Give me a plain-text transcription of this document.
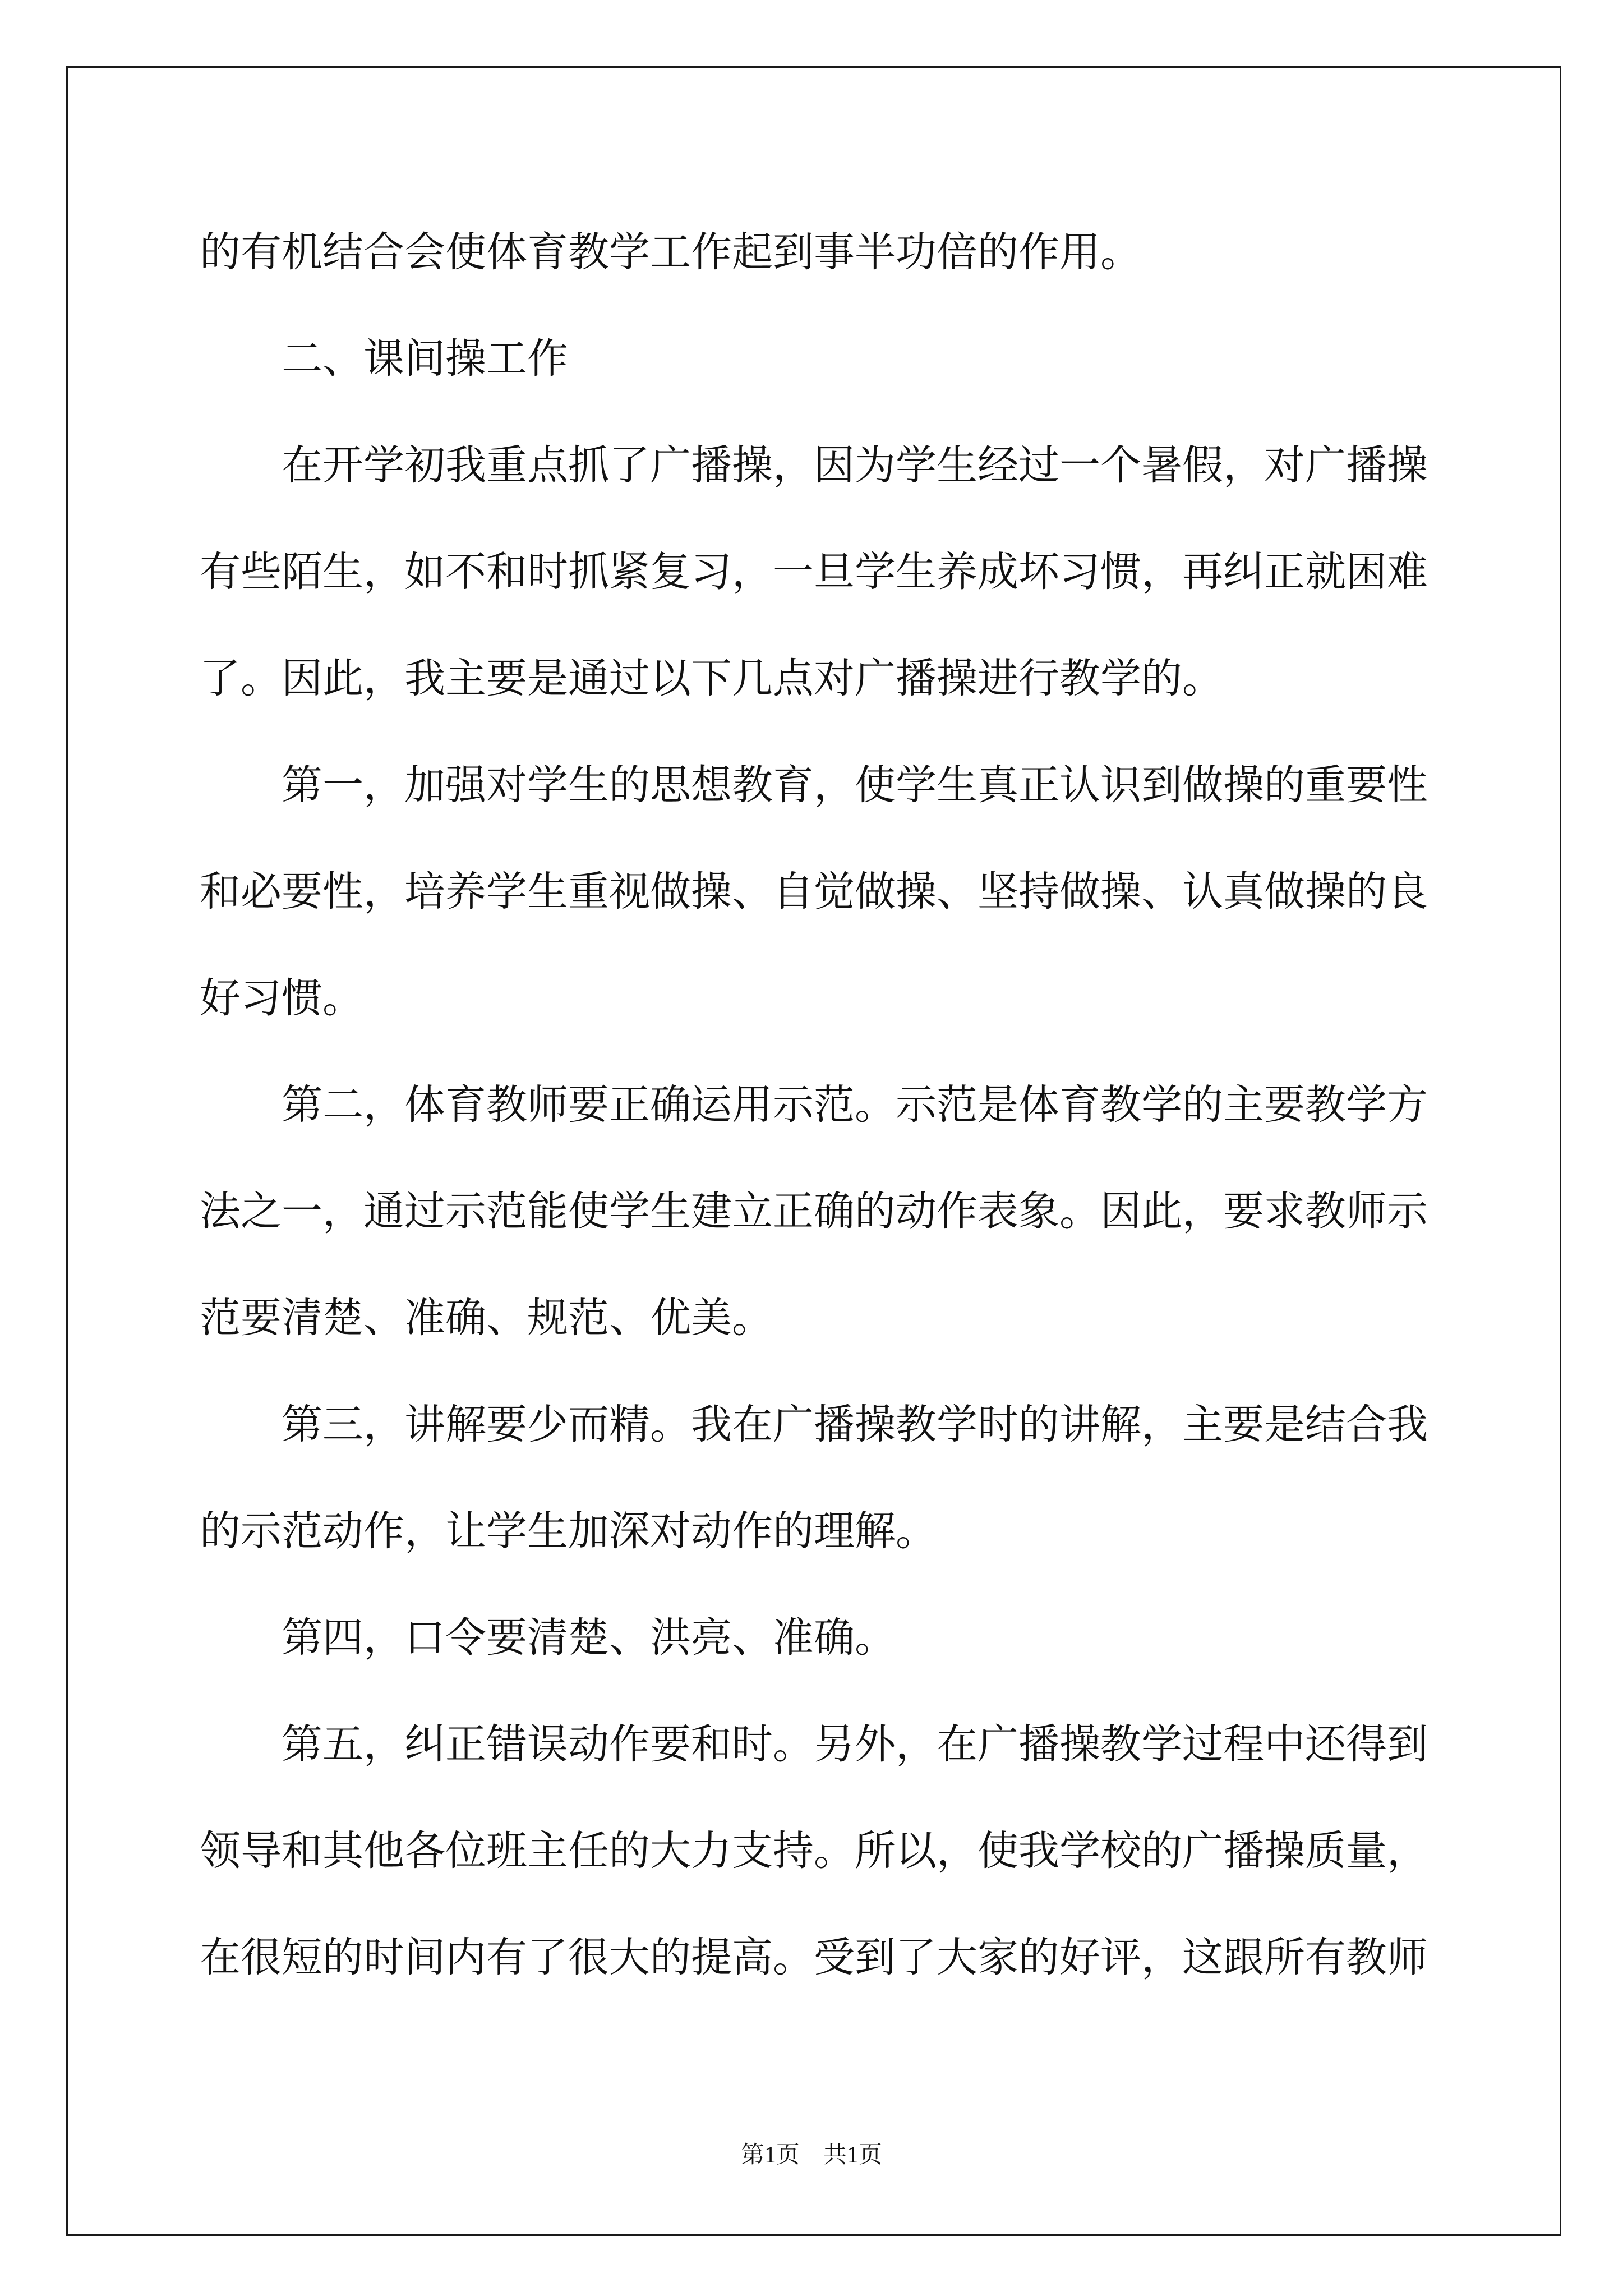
的有机结合会使体育教学工作起到事半功倍的作用。
二、课间操工作
在开学初我重点抓了广播操，因为学生经过一个暑假，对广播操
有些陌生，如不和时抓紧复习，一旦学生养成坏习惯，再纠正就困难
了。因此，我主要是通过以下几点对广播操进行教学的。
第一，加强对学生的思想教育，使学生真正认识到做操的重要性
和必要性，培养学生重视做操、自觉做操、坚持做操、认真做操的良
好习惯。
第二，体育教师要正确运用示范。示范是体育教学的主要教学方
法之一，通过示范能使学生建立正确的动作表象。因此，要求教师示
范要清楚、准确、规范、优美。
第三，讲解要少而精。我在广播操教学时的讲解，主要是结合我
的示范动作，让学生加深对动作的理解。
第四，口令要清楚、洪亮、准确。
第五，纠正错误动作要和时。另外，在广播操教学过程中还得到
领导和其他各位班主任的大力支持。所以，使我学校的广播操质量，
在很短的时间内有了很大的提高。受到了大家的好评，这跟所有教师
第1页　共1页
